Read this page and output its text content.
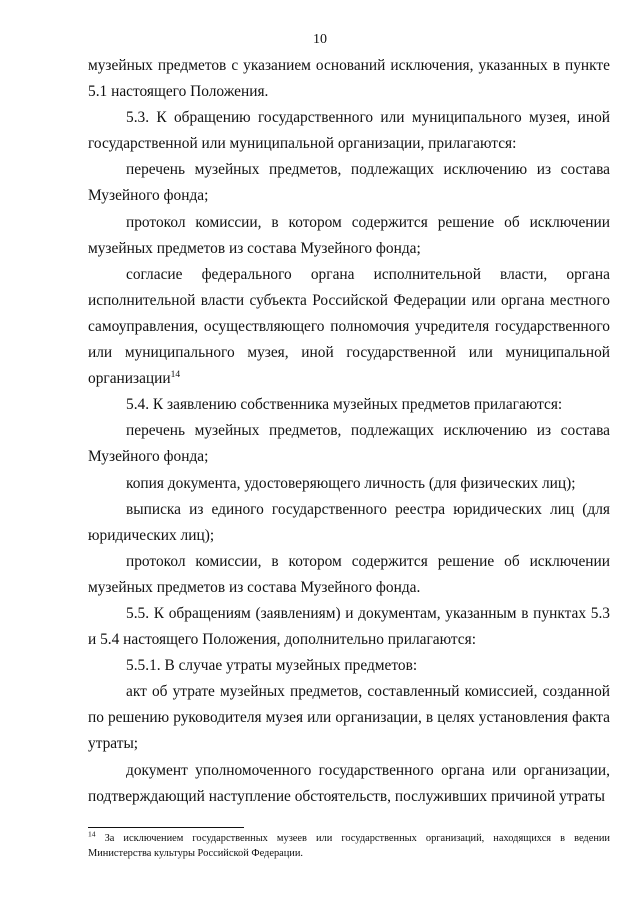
10

музейных предметов с указанием оснований исключения, указанных в пункте 5.1 настоящего Положения.

5.3. К обращению государственного или муниципального музея, иной государственной или муниципальной организации, прилагаются:

перечень музейных предметов, подлежащих исключению из состава Музейного фонда;

протокол комиссии, в котором содержится решение об исключении музейных предметов из состава Музейного фонда;

согласие федерального органа исполнительной власти, органа исполнительной власти субъекта Российской Федерации или органа местного самоуправления, осуществляющего полномочия учредителя государственного или муниципального музея, иной государственной или муниципальной организации$^{14}$

5.4. К заявлению собственника музейных предметов прилагаются:

перечень музейных предметов, подлежащих исключению из состава Музейного фонда;

копия документа, удостоверяющего личность (для физических лиц);

выписка из единого государственного реестра юридических лиц (для юридических лиц);

протокол комиссии, в котором содержится решение об исключении музейных предметов из состава Музейного фонда.

5.5. К обращениям (заявлениям) и документам, указанным в пунктах 5.3 и 5.4 настоящего Положения, дополнительно прилагаются:

5.5.1. В случае утраты музейных предметов:

акт об утрате музейных предметов, составленный комиссией, созданной по решению руководителя музея или организации, в целях установления факта утраты;

документ уполномоченного государственного органа или организации, подтверждающий наступление обстоятельств, послуживших причиной утраты

$^{14}$ За исключением государственных музеев или государственных организаций, находящихся в ведении Министерства культуры Российской Федерации.
